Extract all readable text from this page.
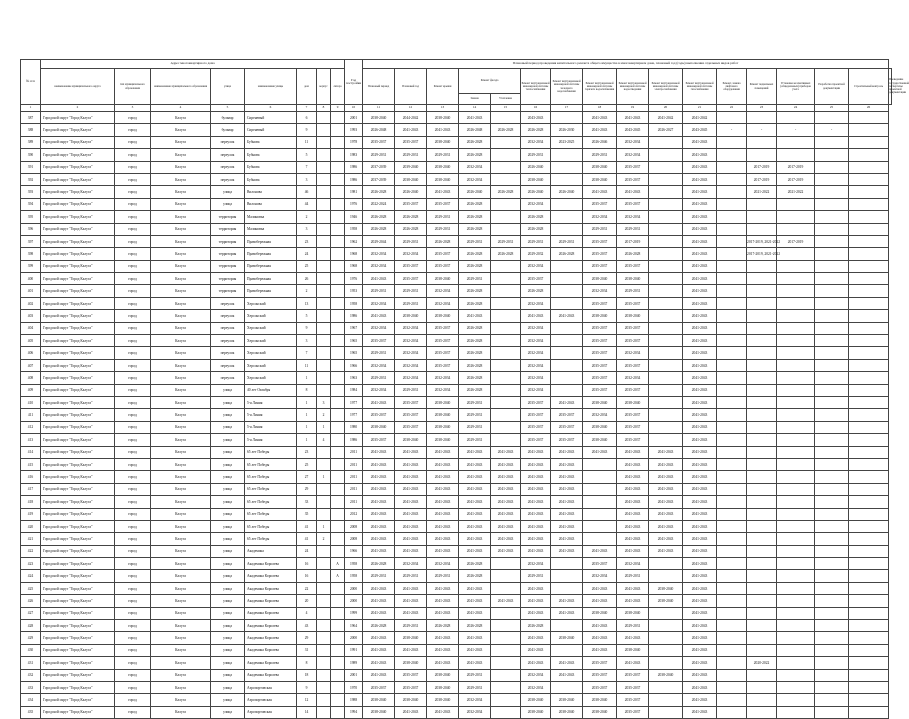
№ п/п	Адрес многоквартирного дома								Год постройки	Плановый период проведения капитального ремонта общего имущества в многоквартирном доме, плановый год (годы) выполнения отдельных видов работ																
	наименование муниципального округа	тип муниципального образования	наименование муниципального образования	улица	наименование улицы	дом	корпус	литера		Плановый период	Плановый год	Ремонт крыши	Ремонт фасада		Ремонт внутридомовой инженерной системы теплоснабжения	Ремонт внутридомовой инженерной системы холодного водоснабжения	Ремонт внутридомовой инженерной системы горячего водоснабжения	Ремонт внутридомовой инженерной системы водоотведения	Ремонт внутридомовой инженерной системы электроснабжения	Ремонт внутридомовой инженерной системы газоснабжения	Ремонт, замена лифтового оборудования	Ремонт подвальных помещений	Установка коллективных (общедомовых) приборов учета	Разработка проектной документации	Строительный контроль	Проведение государственной экспертизы проектной документации
													Замена	Утепление												
1	2	3	4	5	6	7	8	9	10	11	12	13	14	15	16	17	18	19	20	21	22	23	24	25	26	
387	Городской округ "Город Калуга"	город	Калуга	бульвар	Сиреневый	6			2001	2038-2040	2044-2042	2038-2040	2041-2043		2043-2043		2041-2043	2041-2043	2041-2042	2041-2042						
388	Городской округ "Город Калуга"	город	Калуга	бульвар	Сиреневый	9			1993	2026-2048	2041-2043	2041-2043	2026-2048	2026-2028	2026-2028	2026-2030	2041-2043	2043-2045	2026-2027	2043-2045	-	-	-	-		
389	Городской округ "Город Калуга"	город	Калуга	переулок	Бубнова	11			1978	2035-2037	2035-2037	2038-2040	2026-2028		2032-2034	2023-2025	2026-2046	2032-2034		2041-2043						
390	Городской округ "Город Калуга"	город	Калуга	переулок	Бубнова	5			1983	2029-2031	2029-2031	2029-2031	2026-2028		2029-2031		2029-2031	2032-2034		2041-2043						
391	Городской округ "Город Калуга"	город	Калуга	переулок	Бубнова	7			1986	2037-2039	2039-2040	2038-2040	2032-2034		2026-2040		2038-2040	2035-2037		2041-2043		2017-2019	2017-2019			
392	Городской округ "Город Калуга"	город	Калуга	переулок	Бубнова	3			1986	2037-2039	2038-2040	2038-2040	2032-2034		2038-2040		2038-2040	2035-2037		2041-2043		2017-2019	2017-2019			
393	Городской округ "Город Калуга"	город	Калуга	улица	Вилонова	46			1981	2026-2028	2026-2040	2041-2043	2026-2040	2026-2028	2026-2040	2026-2040	2041-2043	2041-2043		2041-2043		2021-2022	2021-2022			
394	Городской округ "Город Калуга"	город	Калуга	улица	Вилонова	44			1976	2022-2024	2035-2037	2035-2037	2026-2028		2032-2034		2035-2037	2035-2037		2041-2043						
395	Городской округ "Город Калуга"	город	Калуга	территория	Малиновка	2			1946	2026-2028	2026-2028	2029-2031	2026-2028		2026-2028		2032-2034	2032-2034		2041-2043						
396	Городской округ "Город Калуга"	город	Калуга	территория	Малиновка	3			1958	2026-2028	2026-2028	2029-2031	2026-2028		2026-2028		2029-2031	2029-2031		2041-2043						
397	Городской округ "Город Калуга"	город	Калуга	территория	Правобережная	23			1962	2029-2044	2029-2031	2026-2028	2029-2031	2029-2031	2029-2031	2029-2031	2035-2037	2017-2019		2041-2043		2017-2019, 2021-2022	2017-2019			
398	Городской округ "Город Калуга"	город	Калуга	территория	Правобережная	24			1968	2032-2034	2032-2034	2035-2037	2026-2028	2026-2028	2029-2032	2026-2028	2035-2037	2026-2028		2041-2043		2017-2019, 2021-2022				
399	Городской округ "Город Калуга"	город	Калуга	территория	Правобережная	25			1968	2032-2034	2035-2037	2035-2037	2026-2028		2032-2034		2035-2037	2035-2037		2041-2043						
400	Городской округ "Город Калуга"	город	Калуга	территория	Правобережная	26			1976	2041-2043	2035-2037	2038-2040	2029-2031		2035-2037		2038-2040	2038-2040		2041-2043						
401	Городской округ "Город Калуга"	город	Калуга	территория	Правобережная	2			1953	2029-2031	2029-2031	2032-2034	2026-2028		2026-2028		2032-2034	2029-2031		2041-2043						
402	Городской округ "Город Калуга"	город	Калуга	переулок	Херсонский	13			1958	2032-2034	2029-2031	2032-2034	2026-2028		2032-2034		2035-2037	2035-2037		2041-2043						
403	Городской округ "Город Калуга"	город	Калуга	переулок	Херсонский	5			1986	2041-2043	2038-2040	2038-2040	2041-2043		2041-2043	2041-2043	2038-2040	2038-2040		2041-2043						
404	Городской округ "Город Калуга"	город	Калуга	переулок	Херсонский	9			1967	2032-2034	2032-2034	2035-2037	2026-2028		2032-2034		2035-2037	2035-2037		2041-2043						
405	Городской округ "Город Калуга"	город	Калуга	переулок	Херсонский	3			1965	2035-2037	2032-2034	2035-2037	2026-2028		2032-2034		2035-2037	2035-2037		2041-2043						
406	Городской округ "Город Калуга"	город	Калуга	переулок	Херсонский	7			1965	2029-2031	2032-2034	2035-2037	2026-2028		2032-2034		2035-2037	2032-2034		2041-2043						
407	Городской округ "Город Калуга"	город	Калуга	переулок	Херсонский	11			1966	2032-2034	2032-2034	2035-2037	2026-2028		2032-2034		2035-2037	2035-2037		2041-2043						
408	Городской округ "Город Калуга"	город	Калуга	переулок	Херсонский	1			1963	2029-2031	2032-2034	2032-2034	2026-2028		2032-2034		2035-2037	2032-2034		2041-2043						
409	Городской округ "Город Калуга"	город	Калуга	улица	40 лет Октября	8			1984	2032-2034	2029-2031	2032-2034	2026-2028		2032-2034		2035-2037	2035-2037		2041-2043						
410	Городской округ "Город Калуга"	город	Калуга	улица	5-я Линия	1	3		1977	2041-2043	2035-2037	2038-2040	2029-2031		2035-2037	2041-2043	2038-2040	2038-2040		2041-2043						
411	Городской округ "Город Калуга"	город	Калуга	улица	5-я Линия	1	2		1977	2035-2037	2035-2037	2038-2040	2029-2031		2035-2037	2035-2037	2032-2034	2035-2037		2041-2043						
412	Городской округ "Город Калуга"	город	Калуга	улица	5-я Линия	1	1		1980	2038-2040	2035-2037	2038-2040	2029-2031		2035-2037	2035-2037	2038-2040	2035-2037		2041-2043						
413	Городской округ "Город Калуга"	город	Калуга	улица	5-я Линия	1	4		1986	2035-2037	2038-2040	2038-2040	2029-2031		2035-2037	2035-2037	2038-2040	2035-2037		2041-2043						
414	Городской округ "Город Калуга"	город	Калуга	улица	65 лет Победы	23			2011	2041-2043	2041-2043	2041-2043	2041-2043	2041-2043	2041-2043	2041-2043	2041-2043	2041-2043	2041-2043	2041-2043						
415	Городской округ "Город Калуга"	город	Калуга	улица	65 лет Победы	25			2011	2041-2043	2041-2043	2041-2043	2041-2043	2041-2043	2041-2043	2041-2043		2041-2043	2041-2043	2041-2043						
416	Городской округ "Город Калуга"	город	Калуга	улица	65 лет Победы	27	1		2011	2041-2043	2041-2043	2041-2043	2041-2043	2041-2043	2041-2043	2041-2043		2041-2043	2041-2043	2041-2043						
417	Городской округ "Город Калуга"	город	Калуга	улица	65 лет Победы	29			2011	2041-2043	2041-2043	2041-2043	2041-2043	2041-2043	2041-2043	2041-2043		2041-2043	2041-2043	2041-2043						
418	Городской округ "Город Калуга"	город	Калуга	улица	65 лет Победы	33			2011	2041-2043	2041-2043	2041-2043	2041-2043	2041-2043	2041-2043	2041-2043		2041-2043	2041-2043	2041-2043						
419	Городской округ "Город Калуга"	город	Калуга	улица	65 лет Победы	35			2012	2041-2043	2041-2043	2041-2043	2041-2043	2041-2043	2041-2043	2041-2043		2041-2043	2041-2043	2041-2043						
420	Городской округ "Город Калуга"	город	Калуга	улица	65 лет Победы	41	1		2008	2041-2043	2041-2043	2041-2043	2041-2043	2041-2043	2041-2043	2041-2043		2041-2043	2041-2043	2041-2043						
421	Городской округ "Город Калуга"	город	Калуга	улица	65 лет Победы	41	2		2008	2041-2043	2041-2043	2041-2043	2041-2043	2041-2043	2041-2043	2041-2043		2041-2043	2041-2043	2041-2043						
422	Городской округ "Город Калуга"	город	Калуга	улица	Академика	24			1966	2041-2043	2041-2043	2041-2043	2041-2043	2041-2043	2041-2043	2041-2043	2041-2043	2041-2043	2041-2043	2041-2043						
423	Городской округ "Город Калуга"	город	Калуга	улица	Академика Королева	16		А	1958	2026-2028	2032-2034	2032-2034	2026-2028		2032-2034		2035-2037	2032-2034		2041-2043						
424	Городской округ "Город Калуга"	город	Калуга	улица	Академика Королева	16		А	1958	2029-2031	2029-2031	2029-2031	2026-2028		2029-2031		2032-2034	2029-2031		2041-2043						
425	Городской округ "Город Калуга"	город	Калуга	улица	Академика Королева	22			2000	2041-2043	2041-2043	2041-2043	2041-2043		2041-2043		2041-2043	2041-2043	2038-2040	2041-2043						
426	Городской округ "Город Калуга"	город	Калуга	улица	Академика Королева	20			2000	2041-2043	2041-2043	2041-2043	2041-2043	2041-2043	2041-2043	2041-2043	2041-2043	2041-2043	2038-2040	2041-2043						
427	Городской округ "Город Калуга"	город	Калуга	улица	Академика Королева	4			1999	2041-2043	2041-2043	2041-2043	2041-2043		2041-2043	2041-2043	2038-2040	2038-2040		2041-2043						
428	Городской округ "Город Калуга"	город	Калуга	улица	Академика Королева	43			1964	2026-2028	2029-2031	2026-2028	2026-2028		2026-2028		2041-2043	2029-2031		2041-2043						
429	Городской округ "Город Калуга"	город	Калуга	улица	Академика Королева	29			2000	2041-2043	2038-2040	2041-2043	2041-2043		2041-2043	2038-2040	2041-2043	2041-2043		2041-2043						
430	Городской округ "Город Калуга"	город	Калуга	улица	Академика Королева	31			1991	2041-2043	2041-2043	2041-2043	2041-2043		2041-2043		2041-2043	2038-2040		2041-2043						
431	Городской округ "Город Калуга"	город	Калуга	улица	Академика Королева	8			1989	2041-2043	2038-2040	2041-2043	2041-2043		2041-2043	2041-2043	2035-2037	2041-2043		2041-2043		2020-2022				
432	Городской округ "Город Калуга"	город	Калуга	улица	Академика Королева	18			2001	2041-2043	2035-2037	2038-2040	2029-2031		2032-2034	2041-2043	2035-2037	2035-2037	2038-2040	2041-2043						
433	Городской округ "Город Калуга"	город	Калуга	улица	Аэропортовская	9			1970	2035-2037	2035-2037	2038-2040	2029-2031		2032-2034		2035-2037	2035-2037		2041-2043						
434	Городской округ "Город Калуга"	город	Калуга	улица	Аэропортовская	12			1988	2038-2040	2038-2040	2038-2040	2032-2034		2038-2040	2038-2040	2038-2040	2035-2037		2041-2043						
435	Городской округ "Город Калуга"	город	Калуга	улица	Аэропортовская	14			1994	2038-2040	2041-2043	2041-2043	2032-2034		2038-2040	2038-2040	2038-2040	2035-2037		2041-2043						
